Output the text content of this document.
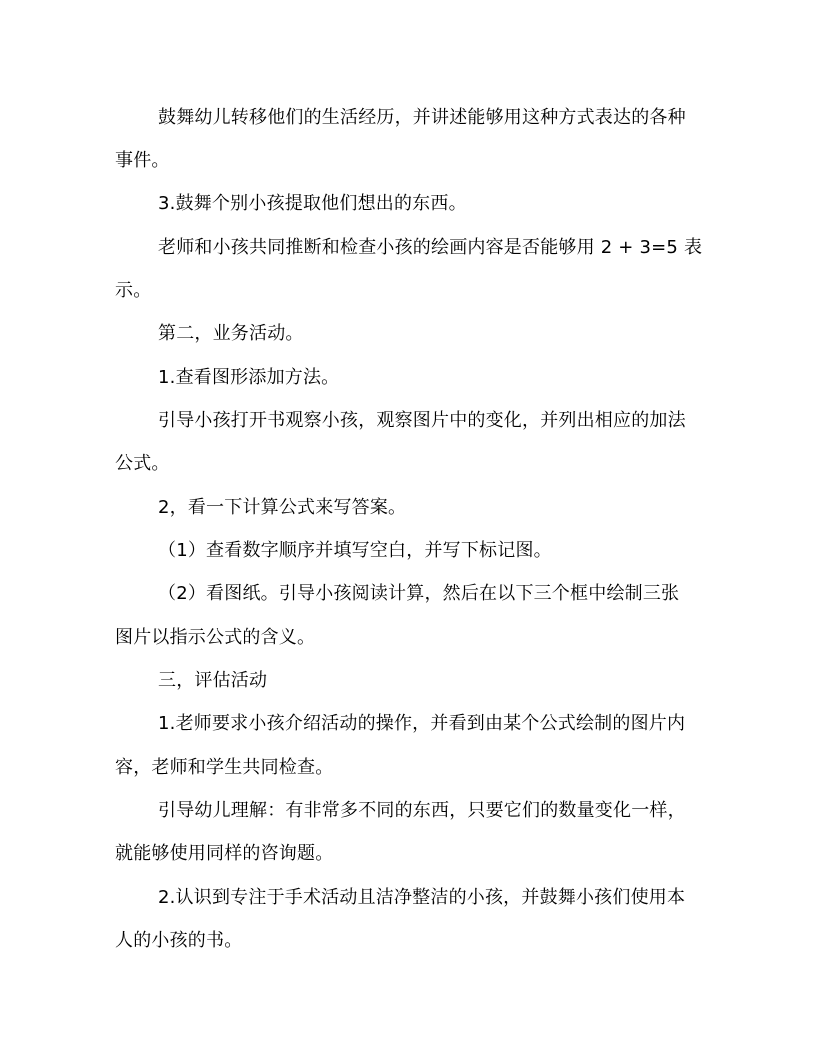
鼓舞幼儿转移他们的生活经历，并讲述能够用这种方式表达的各种
事件。
3.鼓舞个别小孩提取他们想出的东西。
老师和小孩共同推断和检查小孩的绘画内容是否能够用 2 + 3=5 表
示。
第二，业务活动。
1.查看图形添加方法。
引导小孩打开书观察小孩，观察图片中的变化，并列出相应的加法
公式。
2，看一下计算公式来写答案。
（1）查看数字顺序并填写空白，并写下标记图。
（2）看图纸。引导小孩阅读计算，然后在以下三个框中绘制三张
图片以指示公式的含义。
三，评估活动
1.老师要求小孩介绍活动的操作，并看到由某个公式绘制的图片内
容，老师和学生共同检查。
引导幼儿理解：有非常多不同的东西，只要它们的数量变化一样，
就能够使用同样的咨询题。
2.认识到专注于手术活动且洁净整洁的小孩，并鼓舞小孩们使用本
人的小孩的书。
